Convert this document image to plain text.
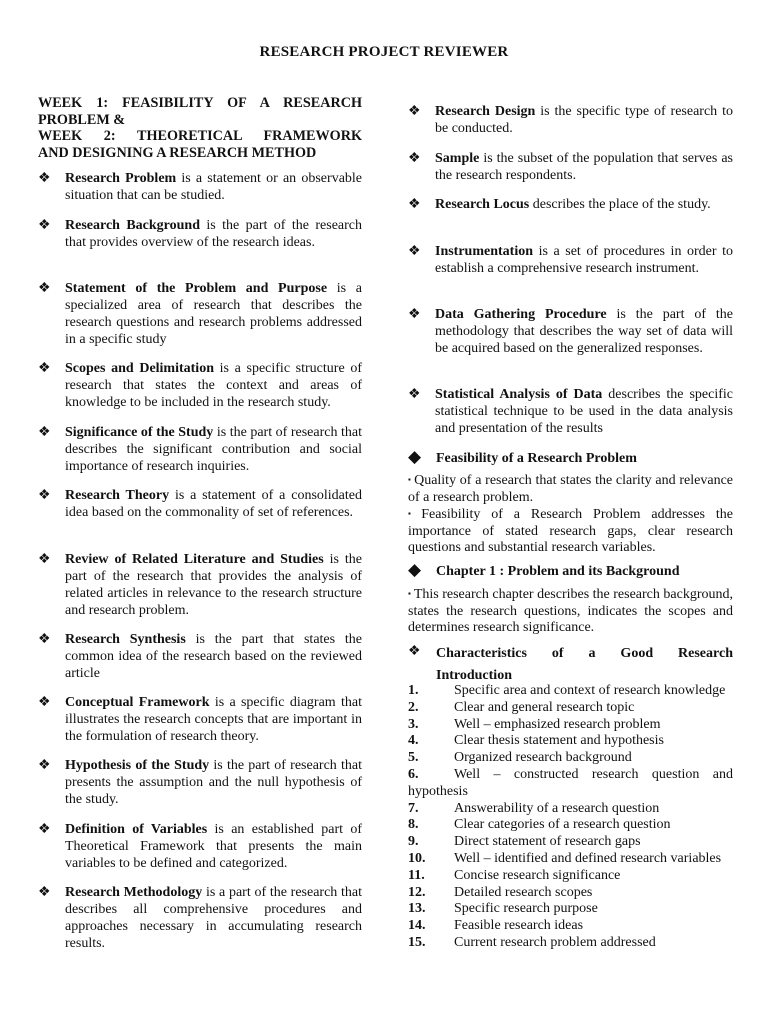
RESEARCH PROJECT REVIEWER
WEEK 1: FEASIBILITY OF A RESEARCH
PROBLEM &
WEEK 2: THEORETICAL FRAMEWORK
AND DESIGNING A RESEARCH METHOD
❖	Research Problem is a statement or an observable situation that can be studied.
❖	Research Background is the part of the research that provides overview of the research ideas.
❖	Statement of the Problem and Purpose is a specialized area of research that describes the research questions and research problems addressed in a specific study
❖	Scopes and Delimitation is a specific structure of research that states the context and areas of knowledge to be included in the research study.
❖	Significance of the Study is the part of research that describes the significant contribution and social importance of research inquiries.
❖	Research Theory is a statement of a consolidated idea based on the commonality of set of references.
❖	Review of Related Literature and Studies is the part of the research that provides the analysis of related articles in relevance to the research structure and research problem.
❖	Research Synthesis is the part that states the common idea of the research based on the reviewed article
❖	Conceptual Framework is a specific diagram that illustrates the research concepts that are important in the formulation of research theory.
❖	Hypothesis of the Study is the part of research that presents the assumption and the null hypothesis of the study.
❖	Definition of Variables is an established part of Theoretical Framework that presents the main variables to be defined and categorized.
❖	Research Methodology is a part of the research that describes all comprehensive procedures and approaches necessary in accumulating research results.
❖	Research Design is the specific type of research to be conducted.
❖	Sample is the subset of the population that serves as the research respondents.
❖	Research Locus describes the place of the study.
❖	Instrumentation is a set of procedures in order to establish a comprehensive research instrument.
❖	Data Gathering Procedure is the part of the methodology that describes the way set of data will be acquired based on the generalized responses.
❖	Statistical Analysis of Data describes the specific statistical technique to be used in the data analysis and presentation of the results
◆ Feasibility of a Research Problem
▪ Quality of a research that states the clarity and relevance of a research problem.
▪ Feasibility of a Research Problem addresses the importance of stated research gaps, clear research questions and substantial research variables.
◆ Chapter 1 : Problem and its Background
▪ This research chapter describes the research background, states the research questions, indicates the scopes and determines research significance.
❖	Characteristics of a Good Research
Introduction
1.	Specific area and context of research knowledge
2.	Clear and general research topic
3.	Well – emphasized research problem
4.	Clear thesis statement and hypothesis
5.	Organized research background
6.	Well – constructed research question and hypothesis
7.	Answerability of a research question
8.	Clear categories of a research question
9.	Direct statement of research gaps
10. Well – identified and defined research variables
11. Concise research significance
12. Detailed research scopes
13. Specific research purpose
14. Feasible research ideas
15. Current research problem addressed
